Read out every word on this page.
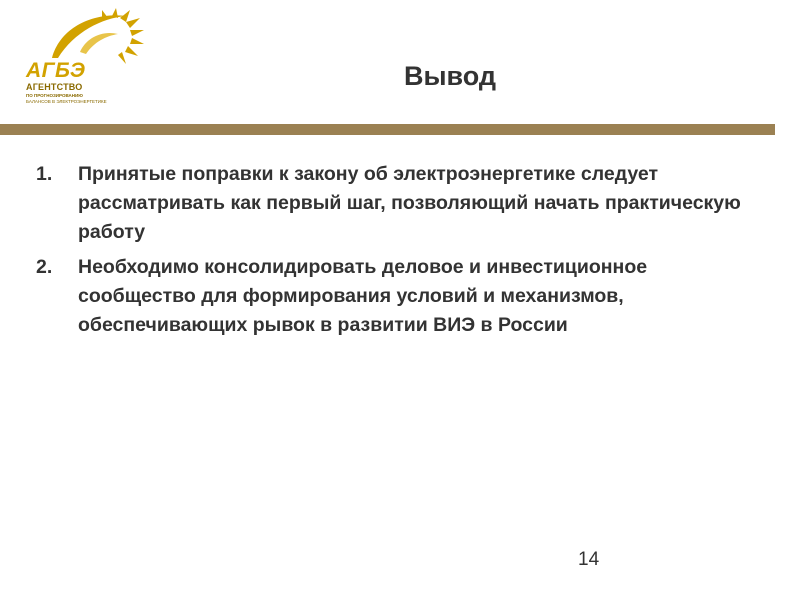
АГБЭ
АГЕНТСТВО
ПО ПРОГНОЗИРОВАНИЮ
БАЛАНСОВ В ЭЛЕКТРОЭНЕРГЕТИКЕ
Вывод
1.	Принятые поправки к закону об электроэнергетике следует рассматривать как первый шаг, позволяющий начать практическую работу
2.	Необходимо консолидировать деловое и инвестиционное сообщество для формирования условий и механизмов, обеспечивающих рывок в развитии ВИЭ в России
14
